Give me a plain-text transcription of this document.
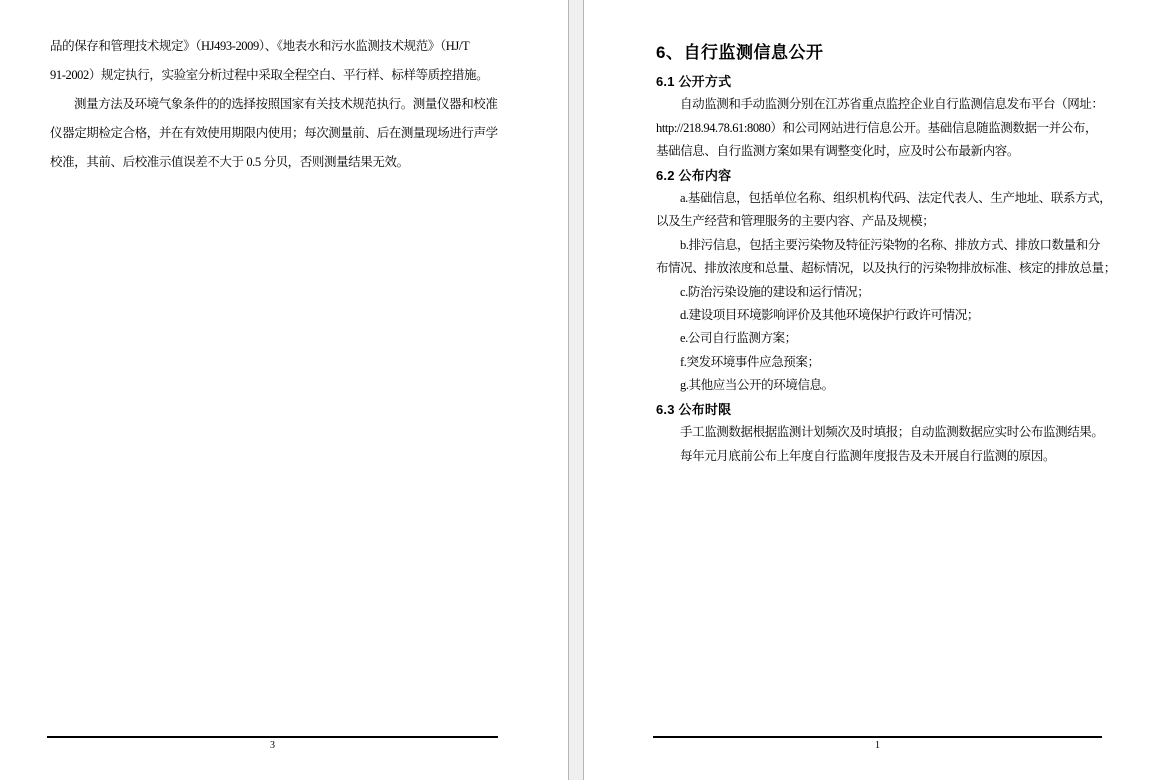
品的保存和管理技术规定》（HJ493-2009）、《地表水和污水监测技术规范》（HJ/T
91-2002）规定执行，实验室分析过程中采取全程空白、平行样、标样等质控措施。
测量方法及环境气象条件的的选择按照国家有关技术规范执行。测量仪器和校准
仪器定期检定合格，并在有效使用期限内使用；每次测量前、后在测量现场进行声学
校准，其前、后校准示值误差不大于 0.5 分贝，否则测量结果无效。
3
6、自行监测信息公开
6.1 公开方式
自动监测和手动监测分别在江苏省重点监控企业自行监测信息发布平台（网址：
http://218.94.78.61:8080）和公司网站进行信息公开。基础信息随监测数据一并公布，
基础信息、自行监测方案如果有调整变化时，应及时公布最新内容。
6.2 公布内容
a.基础信息，包括单位名称、组织机构代码、法定代表人、生产地址、联系方式，
以及生产经营和管理服务的主要内容、产品及规模；
b.排污信息，包括主要污染物及特征污染物的名称、排放方式、排放口数量和分
布情况、排放浓度和总量、超标情况，以及执行的污染物排放标准、核定的排放总量；
c.防治污染设施的建设和运行情况；
d.建设项目环境影响评价及其他环境保护行政许可情况；
e.公司自行监测方案；
f.突发环境事件应急预案；
g.其他应当公开的环境信息。
6.3 公布时限
手工监测数据根据监测计划频次及时填报；自动监测数据应实时公布监测结果。
每年元月底前公布上年度自行监测年度报告及未开展自行监测的原因。
1
